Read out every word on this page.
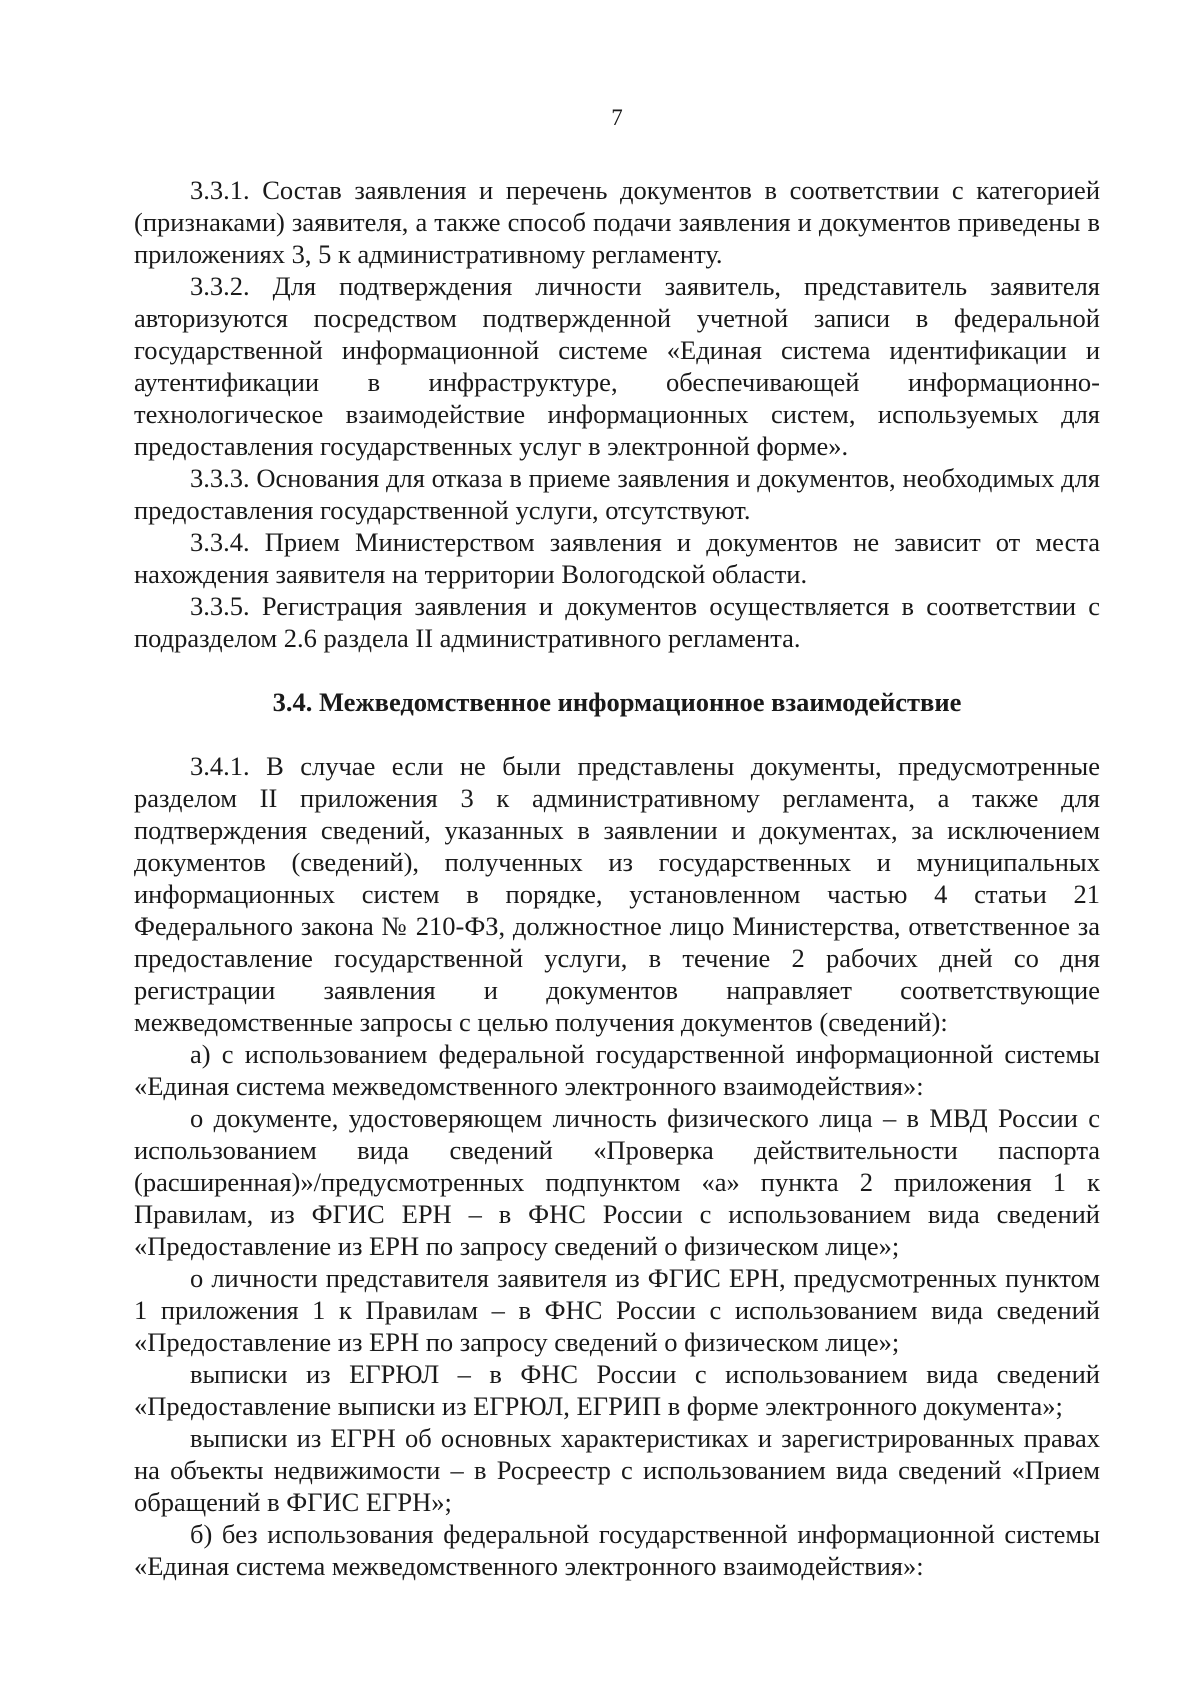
7

3.3.1. Состав заявления и перечень документов в соответствии с категорией (признаками) заявителя, а также способ подачи заявления и документов приведены в приложениях 3, 5 к административному регламенту.

3.3.2. Для подтверждения личности заявитель, представитель заявителя авторизуются посредством подтвержденной учетной записи в федеральной государственной информационной системе «Единая система идентификации и аутентификации в инфраструктуре, обеспечивающей информационно-технологическое взаимодействие информационных систем, используемых для предоставления государственных услуг в электронной форме».

3.3.3. Основания для отказа в приеме заявления и документов, необходимых для предоставления государственной услуги, отсутствуют.

3.3.4. Прием Министерством заявления и документов не зависит от места нахождения заявителя на территории Вологодской области.

3.3.5. Регистрация заявления и документов осуществляется в соответствии с подразделом 2.6 раздела II административного регламента.

3.4. Межведомственное информационное взаимодействие

3.4.1. В случае если не были представлены документы, предусмотренные разделом II приложения 3 к административному регламента, а также для подтверждения сведений, указанных в заявлении и документах, за исключением документов (сведений), полученных из государственных и муниципальных информационных систем в порядке, установленном частью 4 статьи 21 Федерального закона № 210-ФЗ, должностное лицо Министерства, ответственное за предоставление государственной услуги, в течение 2 рабочих дней со дня регистрации заявления и документов направляет соответствующие межведомственные запросы с целью получения документов (сведений):

а) с использованием федеральной государственной информационной системы «Единая система межведомственного электронного взаимодействия»:

о документе, удостоверяющем личность физического лица – в МВД России с использованием вида сведений «Проверка действительности паспорта (расширенная)»/предусмотренных подпунктом «а» пункта 2 приложения 1 к Правилам, из ФГИС ЕРН – в ФНС России с использованием вида сведений «Предоставление из ЕРН по запросу сведений о физическом лице»;

о личности представителя заявителя из ФГИС ЕРН, предусмотренных пунктом 1 приложения 1 к Правилам – в ФНС России с использованием вида сведений «Предоставление из ЕРН по запросу сведений о физическом лице»;

выписки из ЕГРЮЛ – в ФНС России с использованием вида сведений «Предоставление выписки из ЕГРЮЛ, ЕГРИП в форме электронного документа»;

выписки из ЕГРН об основных характеристиках и зарегистрированных правах на объекты недвижимости – в Росреестр с использованием вида сведений «Прием обращений в ФГИС ЕГРН»;

б) без использования федеральной государственной информационной системы «Единая система межведомственного электронного взаимодействия»:
